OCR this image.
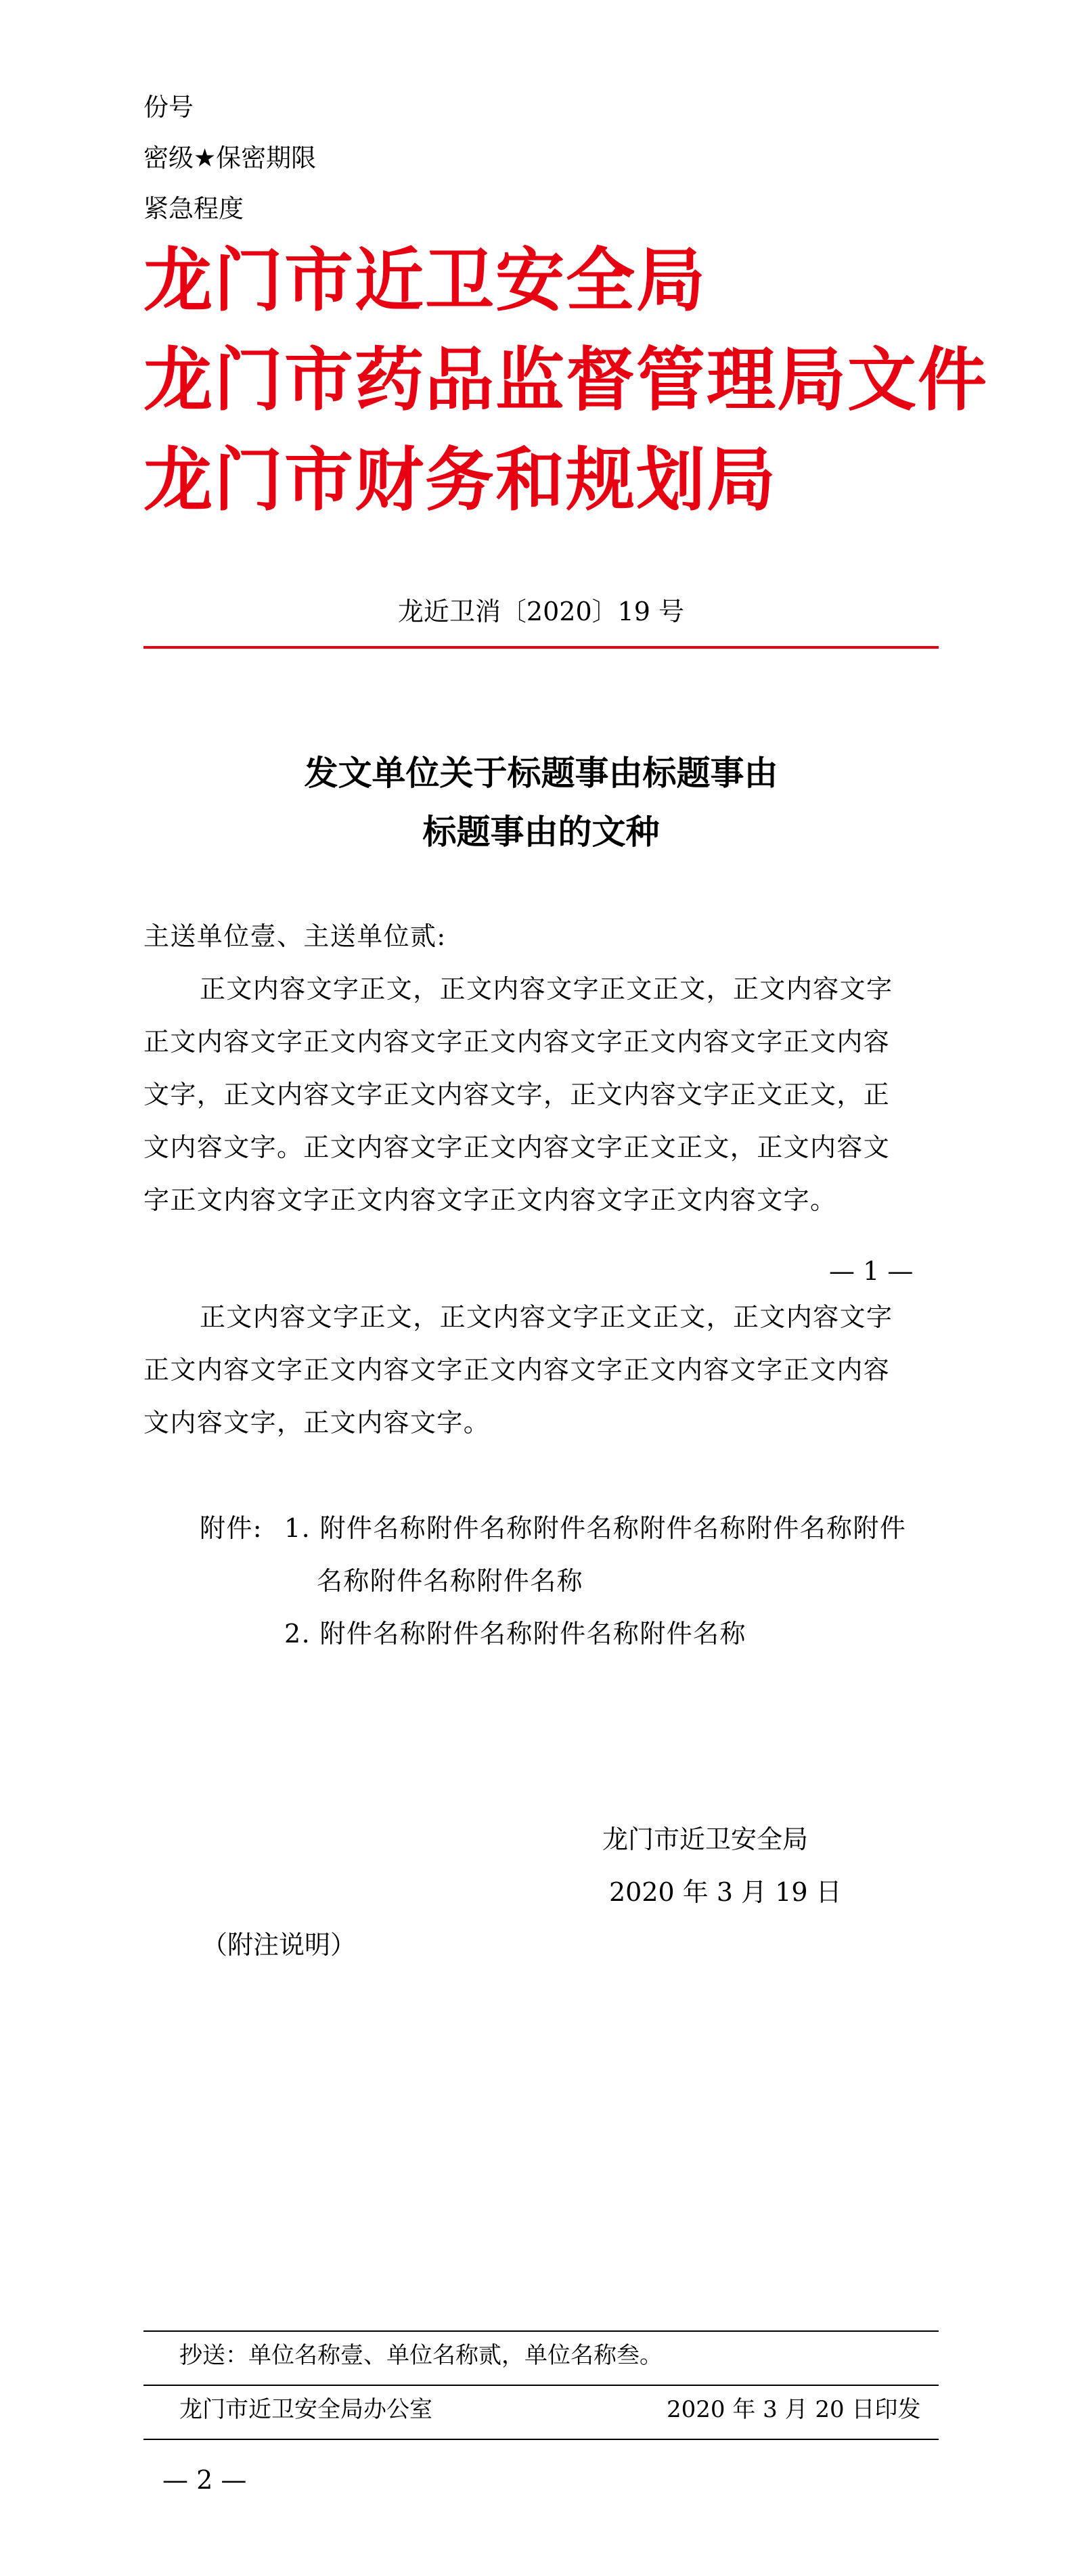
份号
密级★保密期限
紧急程度
龙门市近卫安全局
龙门市药品监督管理局文件
龙门市财务和规划局
龙近卫消〔2020〕19 号
发文单位关于标题事由标题事由
标题事由的文种
主送单位壹、主送单位贰:
正文内容文字正文，正文内容文字正文正文，正文内容文字
正文内容文字正文内容文字正文内容文字正文内容文字正文内容
文字，正文内容文字正文内容文字，正文内容文字正文正文，正
文内容文字。正文内容文字正文内容文字正文正文，正文内容文
字正文内容文字正文内容文字正文内容文字正文内容文字。
— 1 —
正文内容文字正文，正文内容文字正文正文，正文内容文字
正文内容文字正文内容文字正文内容文字正文内容文字正文内容
文内容文字，正文内容文字。
附件: 1. 附件名称附件名称附件名称附件名称附件名称附件
名称附件名称附件名称
2. 附件名称附件名称附件名称附件名称
龙门市近卫安全局
2020 年 3 月 19 日
（附注说明）
抄送：单位名称壹、单位名称贰，单位名称叁。
龙门市近卫安全局办公室	2020 年 3 月 20 日印发
— 2 —
